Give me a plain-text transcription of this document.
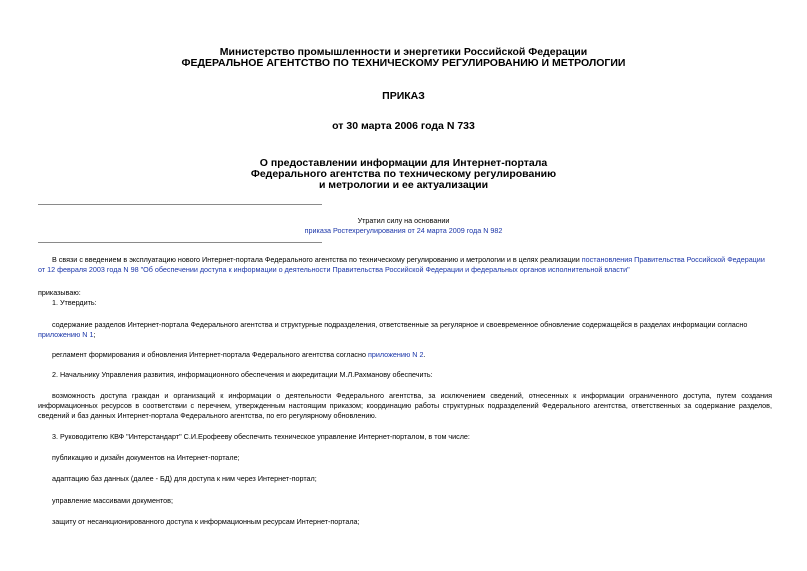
Министерство промышленности и энергетики Российской Федерации
ФЕДЕРАЛЬНОЕ АГЕНТСТВО ПО ТЕХНИЧЕСКОМУ РЕГУЛИРОВАНИЮ И МЕТРОЛОГИИ
ПРИКАЗ
от 30 марта 2006 года N 733
О предоставлении информации для Интернет-портала
Федерального агентства по техническому регулированию
и метрологии и ее актуализации
Утратил силу на основании
приказа Ростехрегулирования от 24 марта 2009 года N 982
В связи с введением в эксплуатацию нового Интернет-портала Федерального агентства по техническому регулированию и метрологии и в целях реализации постановления Правительства Российской Федерации
от 12 февраля 2003 года N 98 "Об обеспечении доступа к информации о деятельности Правительства Российской Федерации и федеральных органов исполнительной власти"
приказываю:
1. Утвердить:
содержание разделов Интернет-портала Федерального агентства и структурные подразделения, ответственные за регулярное и своевременное обновление содержащейся в разделах информации согласно
приложению N 1;
регламент формирования и обновления Интернет-портала Федерального агентства согласно приложению N 2.
2. Начальнику Управления развития, информационного обеспечения и аккредитации М.Л.Рахманову обеспечить:
возможность доступа граждан и организаций к информации о деятельности Федерального агентства, за исключением сведений, отнесенных к информации ограниченного доступа, путем создания
информационных ресурсов в соответствии с перечнем, утвержденным настоящим приказом; координацию работы структурных подразделений Федерального агентства, ответственных за содержание разделов,
сведений и баз данных Интернет-портала Федерального агентства, по его регулярному обновлению.
3. Руководителю КВФ "Интерстандарт" С.И.Ерофееву обеспечить техническое управление Интернет-порталом, в том числе:
публикацию и дизайн документов на Интернет-портале;
адаптацию баз данных (далее - БД) для доступа к ним через Интернет-портал;
управление массивами документов;
защиту от несанкционированного доступа к информационным ресурсам Интернет-портала;
